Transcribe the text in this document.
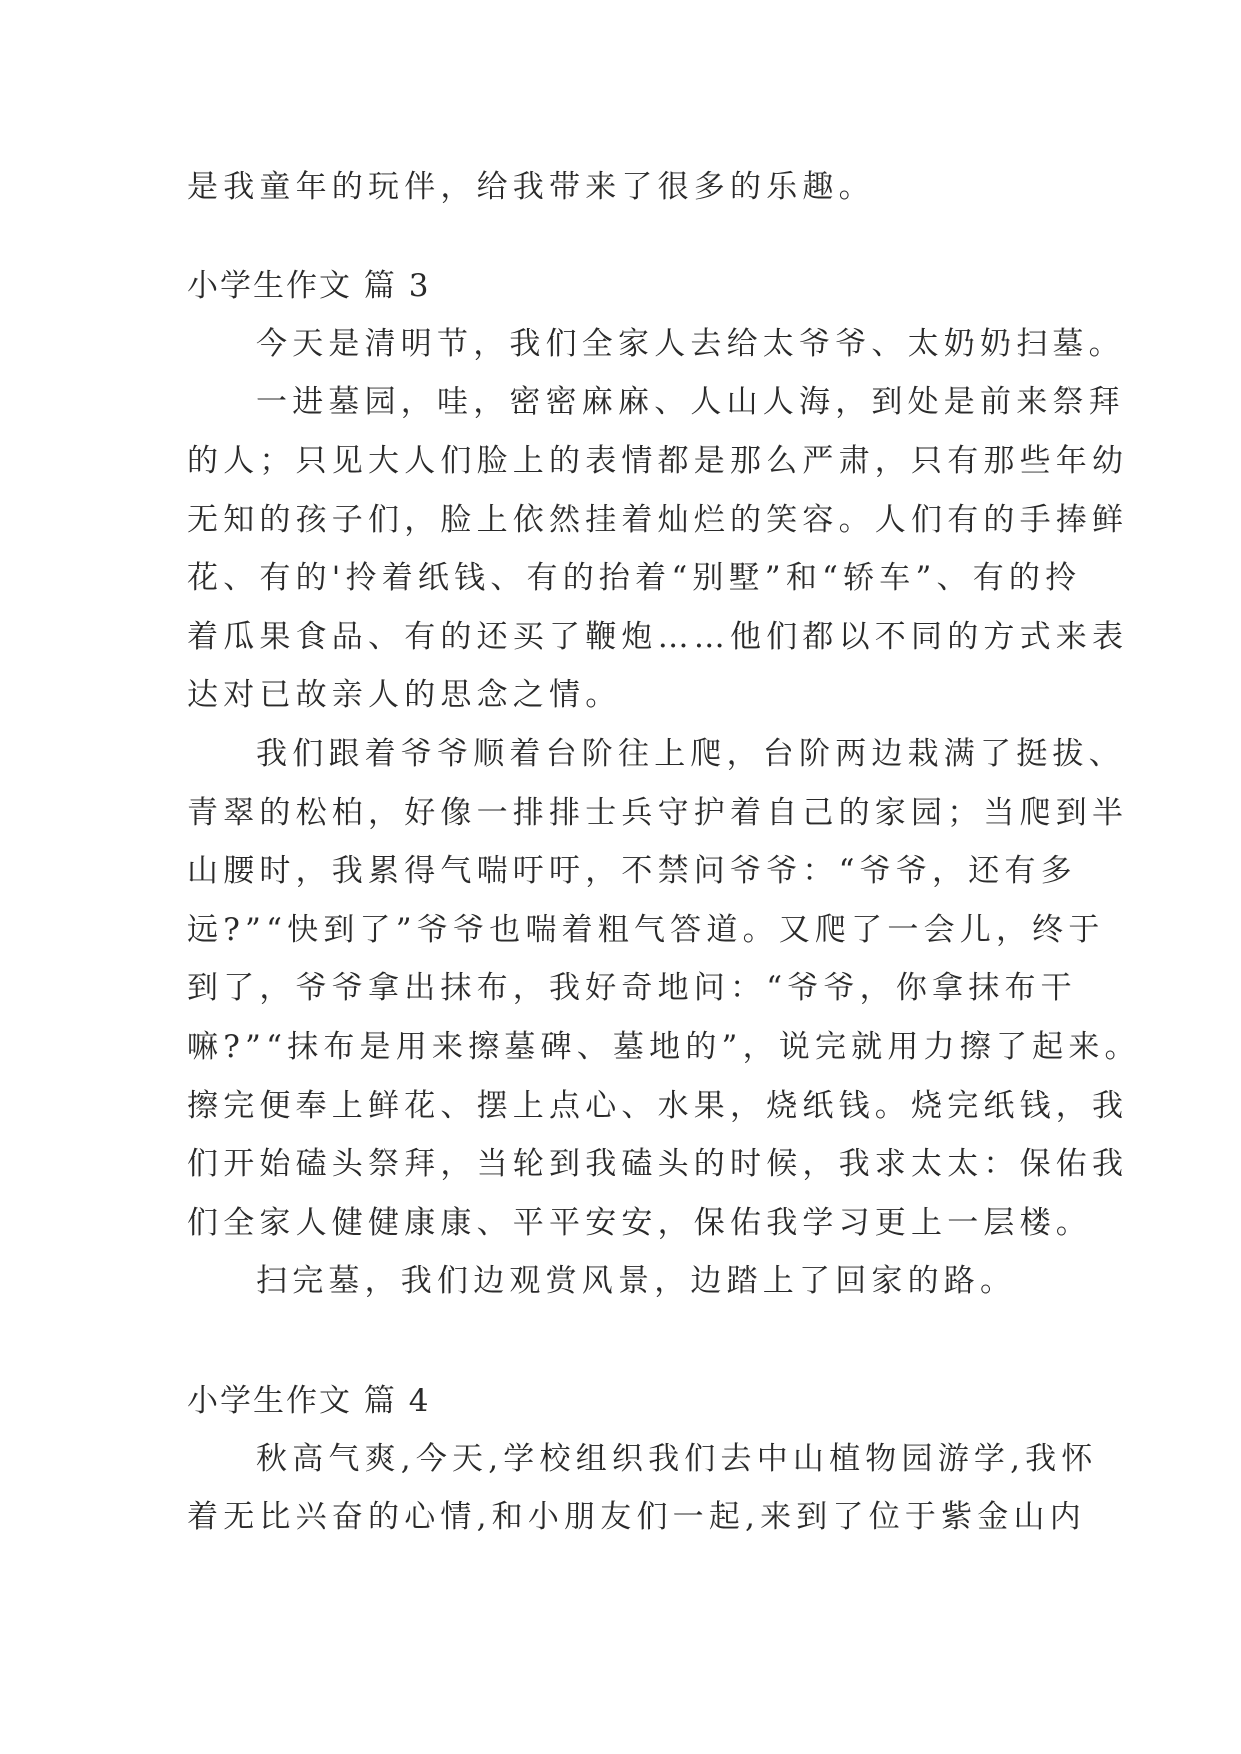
是我童年的玩伴，给我带来了很多的乐趣。
小学生作文 篇 3
今天是清明节，我们全家人去给太爷爷、太奶奶扫墓。
一进墓园，哇，密密麻麻、人山人海，到处是前来祭拜
的人；只见大人们脸上的表情都是那么严肃，只有那些年幼
无知的孩子们，脸上依然挂着灿烂的笑容。人们有的手捧鲜
花、有的'拎着纸钱、有的抬着“别墅”和“轿车”、有的拎
着瓜果食品、有的还买了鞭炮……他们都以不同的方式来表
达对已故亲人的思念之情。
我们跟着爷爷顺着台阶往上爬，台阶两边栽满了挺拔、
青翠的松柏，好像一排排士兵守护着自己的家园；当爬到半
山腰时，我累得气喘吁吁，不禁问爷爷：“爷爷，还有多
远?”“快到了”爷爷也喘着粗气答道。又爬了一会儿，终于
到了，爷爷拿出抹布，我好奇地问：“爷爷，你拿抹布干
嘛?”“抹布是用来擦墓碑、墓地的”，说完就用力擦了起来。
擦完便奉上鲜花、摆上点心、水果，烧纸钱。烧完纸钱，我
们开始磕头祭拜，当轮到我磕头的时候，我求太太：保佑我
们全家人健健康康、平平安安，保佑我学习更上一层楼。
扫完墓，我们边观赏风景，边踏上了回家的路。
小学生作文 篇 4
秋高气爽,今天,学校组织我们去中山植物园游学,我怀
着无比兴奋的心情,和小朋友们一起,来到了位于紫金山内
